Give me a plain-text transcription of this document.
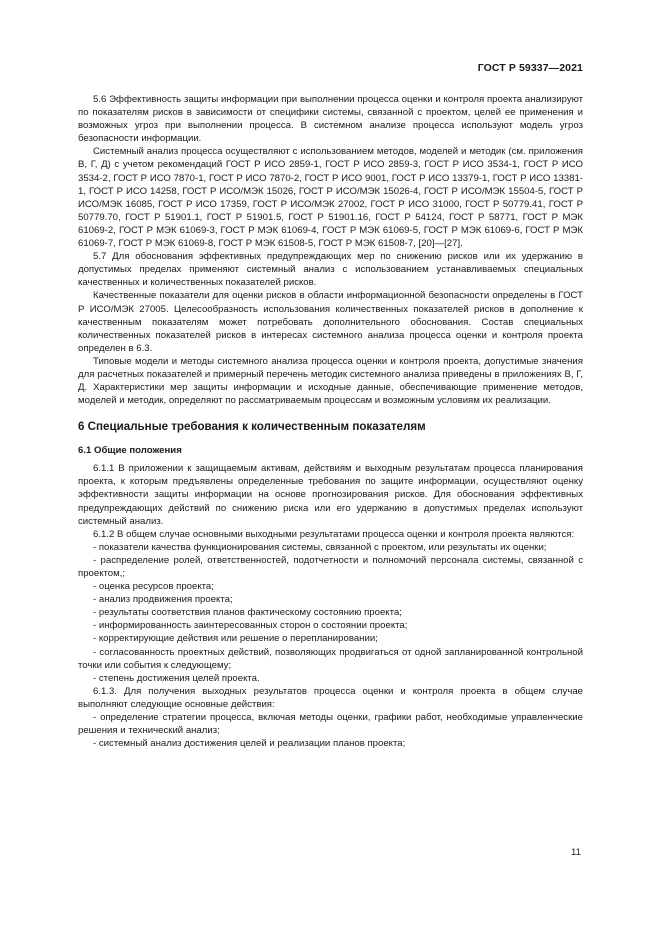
ГОСТ Р 59337—2021

5.6 Эффективность защиты информации при выполнении процесса оценки и контроля проекта анализируют по показателям рисков в зависимости от специфики системы, связанной с проектом, целей ее применения и возможных угроз при выполнении процесса. В системном анализе процесса используют модель угроз безопасности информации.

Системный анализ процесса осуществляют с использованием методов, моделей и методик (см. приложения В, Г, Д) с учетом рекомендаций ГОСТ Р ИСО 2859-1, ГОСТ Р ИСО 2859-3, ГОСТ Р ИСО 3534-1, ГОСТ Р ИСО 3534-2, ГОСТ Р ИСО 7870-1, ГОСТ Р ИСО 7870-2, ГОСТ Р ИСО 9001, ГОСТ Р ИСО 13379-1, ГОСТ Р ИСО 13381-1, ГОСТ Р ИСО 14258, ГОСТ Р ИСО/МЭК 15026, ГОСТ Р ИСО/МЭК 15026-4, ГОСТ Р ИСО/МЭК 15504-5, ГОСТ Р ИСО/МЭК 16085, ГОСТ Р ИСО 17359, ГОСТ Р ИСО/МЭК 27002, ГОСТ Р ИСО 31000, ГОСТ Р 50779.41, ГОСТ Р 50779.70, ГОСТ Р 51901.1, ГОСТ Р 51901.5, ГОСТ Р 51901.16, ГОСТ Р 54124, ГОСТ Р 58771, ГОСТ Р МЭК 61069-2, ГОСТ Р МЭК 61069-3, ГОСТ Р МЭК 61069-4, ГОСТ Р МЭК 61069-5, ГОСТ Р МЭК 61069-6, ГОСТ Р МЭК 61069-7, ГОСТ Р МЭК 61069-8, ГОСТ Р МЭК 61508-5, ГОСТ Р МЭК 61508-7, [20]—[27].

5.7 Для обоснования эффективных предупреждающих мер по снижению рисков или их удержанию в допустимых пределах применяют системный анализ с использованием устанавливаемых специальных качественных и количественных показателей рисков.

Качественные показатели для оценки рисков в области информационной безопасности определены в ГОСТ Р ИСО/МЭК 27005. Целесообразность использования количественных показателей рисков в дополнение к качественным показателям может потребовать дополнительного обоснования. Состав специальных количественных показателей рисков в интересах системного анализа процесса оценки и контроля проекта определен в 6.3.

Типовые модели и методы системного анализа процесса оценки и контроля проекта, допустимые значения для расчетных показателей и примерный перечень методик системного анализа приведены в приложениях В, Г, Д. Характеристики мер защиты информации и исходные данные, обеспечивающие применение методов, моделей и методик, определяют по рассматриваемым процессам и возможным условиям их реализации.

6 Специальные требования к количественным показателям
6.1 Общие положения

6.1.1 В приложении к защищаемым активам, действиям и выходным результатам процесса планирования проекта, к которым предъявлены определенные требования по защите информации, осуществляют оценку эффективности защиты информации на основе прогнозирования рисков. Для обоснования эффективных предупреждающих действий по снижению риска или его удержанию в допустимых пределах используют системный анализ.

6.1.2 В общем случае основными выходными результатами процесса оценки и контроля проекта являются:

- показатели качества функционирования системы, связанной с проектом, или результаты их оценки;

- распределение ролей, ответственностей, подотчетности и полномочий персонала системы, связанной с проектом,;

- оценка ресурсов проекта;

- анализ продвижения проекта;

- результаты соответствия планов фактическому состоянию проекта;

- информированность заинтересованных сторон о состоянии проекта;

- корректирующие действия или решение о перепланировании;

- согласованность проектных действий, позволяющих продвигаться от одной запланированной контрольной точки или события к следующему;

- степень достижения целей проекта.

6.1.3. Для получения выходных результатов процесса оценки и контроля проекта в общем случае выполняют следующие основные действия:

- определение стратегии процесса, включая методы оценки, графики работ, необходимые управленческие решения и технический анализ;

- системный анализ достижения целей и реализации планов проекта;

11
